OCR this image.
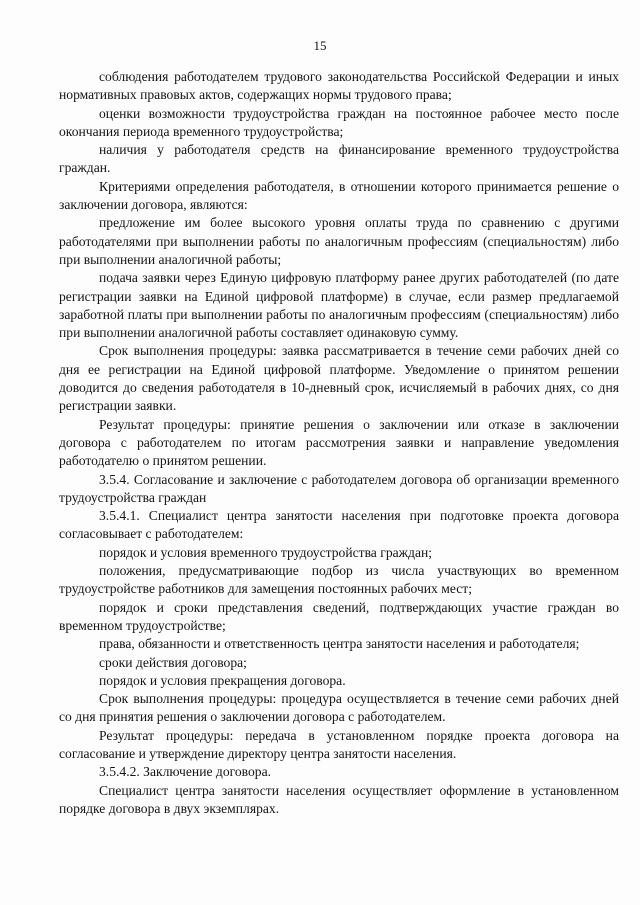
15

соблюдения работодателем трудового законодательства Российской Федерации и иных нормативных правовых актов, содержащих нормы трудового права;

оценки возможности трудоустройства граждан на постоянное рабочее место после окончания периода временного трудоустройства;

наличия у работодателя средств на финансирование временного трудоустройства граждан.

Критериями определения работодателя, в отношении которого принимается решение о заключении договора, являются:

предложение им более высокого уровня оплаты труда по сравнению с другими работодателями при выполнении работы по аналогичным профессиям (специальностям) либо при выполнении аналогичной работы;

подача заявки через Единую цифровую платформу ранее других работодателей (по дате регистрации заявки на Единой цифровой платформе) в случае, если размер предлагаемой заработной платы при выполнении работы по аналогичным профессиям (специальностям) либо при выполнении аналогичной работы составляет одинаковую сумму.

Срок выполнения процедуры: заявка рассматривается в течение семи рабочих дней со дня ее регистрации на Единой цифровой платформе. Уведомление о принятом решении доводится до сведения работодателя в 10-дневный срок, исчисляемый в рабочих днях, со дня регистрации заявки.

Результат процедуры: принятие решения о заключении или отказе в заключении договора с работодателем по итогам рассмотрения заявки и направление уведомления работодателю о принятом решении.

3.5.4. Согласование и заключение с работодателем договора об организации временного трудоустройства граждан

3.5.4.1. Специалист центра занятости населения при подготовке проекта договора согласовывает с работодателем:

порядок и условия временного трудоустройства граждан;

положения, предусматривающие подбор из числа участвующих во временном трудоустройстве работников для замещения постоянных рабочих мест;

порядок и сроки представления сведений, подтверждающих участие граждан во временном трудоустройстве;

права, обязанности и ответственность центра занятости населения и работодателя;

сроки действия договора;

порядок и условия прекращения договора.

Срок выполнения процедуры: процедура осуществляется в течение семи рабочих дней со дня принятия решения о заключении договора с работодателем.

Результат процедуры: передача в установленном порядке проекта договора на согласование и утверждение директору центра занятости населения.

3.5.4.2. Заключение договора.

Специалист центра занятости населения осуществляет оформление в установленном порядке договора в двух экземплярах.
